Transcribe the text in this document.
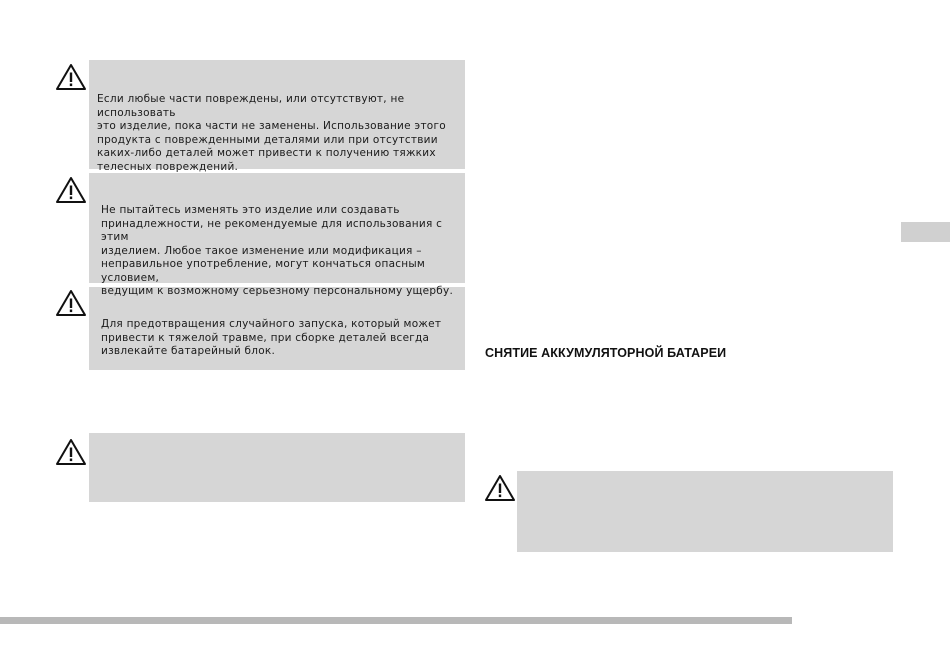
Если любые части повреждены, или отсутствуют, не использовать
это изделие, пока части не заменены. Использование этого
продукта с поврежденными деталями или при отсутствии
каких-либо деталей может привести к получению тяжких
телесных повреждений.
Не пытайтесь изменять это изделие или создавать
принадлежности, не рекомендуемые для использования с этим
изделием. Любое такое изменение или модификация –
неправильное употребление, могут кончаться опасным условием,
ведущим к возможному серьезному персональному ущербу.
Для предотвращения случайного запуска, который может
привести к тяжелой травме, при сборке деталей всегда
извлекайте батарейный блок.	СНЯТИЕ АККУМУЛЯТОРНОЙ БАТАРЕИ
